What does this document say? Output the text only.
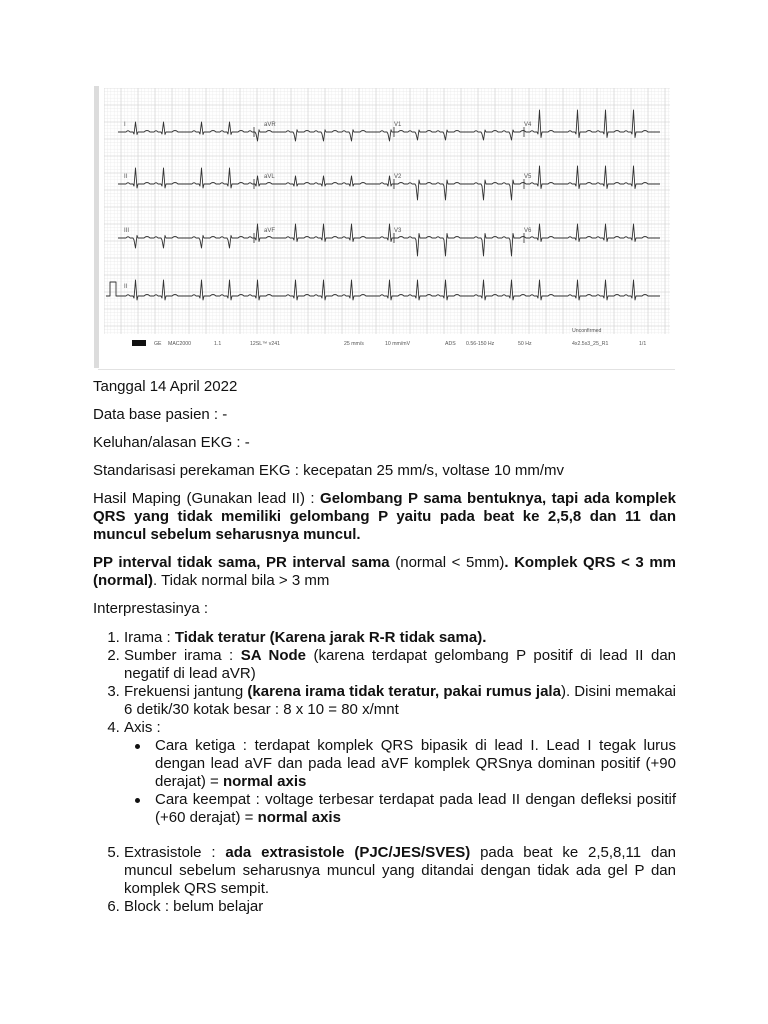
I	aVR	V1	V4
II	aVL	V2	V5
III	aVF	V3	V6
II
GE MAC2000	1.1	12SL™ v241	25 mm/s	10 mm/mV	ADS 0.56-150 Hz	50 Hz
Unconfirmed
4x2.5x3_25_R1	1/1

Tanggal 14 April 2022

Data base pasien : -

Keluhan/alasan EKG : -

Standarisasi perekaman EKG : kecepatan 25 mm/s, voltase 10 mm/mv

Hasil Maping (Gunakan lead II) : Gelombang P sama bentuknya, tapi ada komplek QRS yang tidak memiliki gelombang P yaitu pada beat ke 2,5,8 dan 11 dan muncul sebelum seharusnya muncul.

PP interval tidak sama, PR interval sama (normal < 5mm). Komplek QRS < 3 mm (normal). Tidak normal bila > 3 mm

Interprestasinya :

1. Irama : Tidak teratur (Karena jarak R-R tidak sama).
2. Sumber irama : SA Node (karena terdapat gelombang P positif di lead II dan negatif di lead aVR)
3. Frekuensi jantung (karena irama tidak teratur, pakai rumus jala). Disini memakai 6 detik/30 kotak besar : 8 x 10 = 80 x/mnt
4. Axis :
Cara ketiga : terdapat komplek QRS bipasik di lead I. Lead I tegak lurus dengan lead aVF dan pada lead aVF komplek QRSnya dominan positif (+90 derajat) = normal axis
Cara keempat : voltage terbesar terdapat pada lead II dengan defleksi positif (+60 derajat) = normal axis
5. Extrasistole : ada extrasistole (PJC/JES/SVES) pada beat ke 2,5,8,11 dan muncul sebelum seharusnya muncul yang ditandai dengan tidak ada gel P dan komplek QRS sempit.
6. Block : belum belajar
